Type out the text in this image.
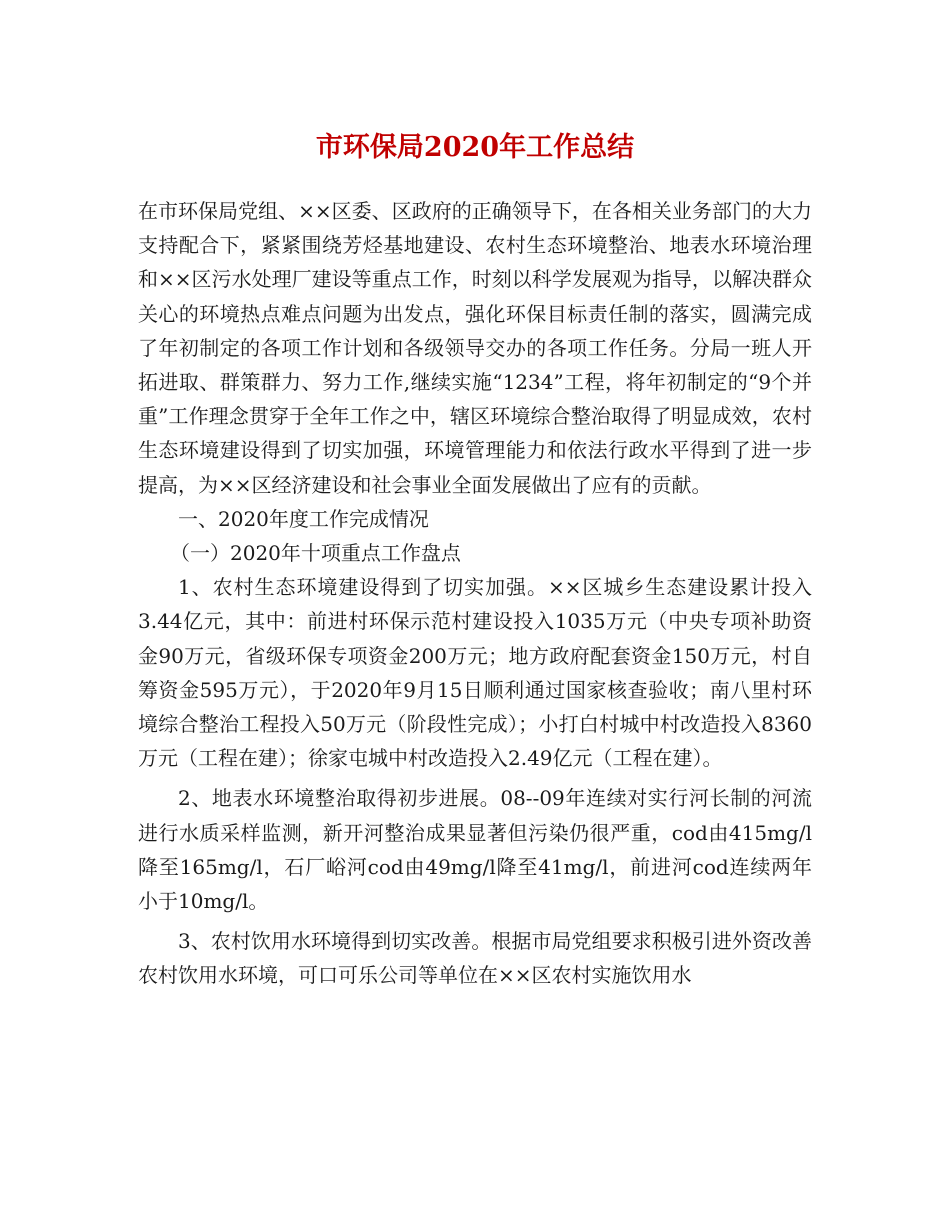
市环保局2020年工作总结

在市环保局党组、××区委、区政府的正确领导下，在各相关业务部门的大力支持配合下，紧紧围绕芳烃基地建设、农村生态环境整治、地表水环境治理和××区污水处理厂建设等重点工作，时刻以科学发展观为指导，以解决群众关心的环境热点难点问题为出发点，强化环保目标责任制的落实，圆满完成了年初制定的各项工作计划和各级领导交办的各项工作任务。分局一班人开拓进取、群策群力、努力工作,继续实施“1234”工程，将年初制定的“9个并重”工作理念贯穿于全年工作之中，辖区环境综合整治取得了明显成效，农村生态环境建设得到了切实加强，环境管理能力和依法行政水平得到了进一步提高，为××区经济建设和社会事业全面发展做出了应有的贡献。

一、2020年度工作完成情况

（一）2020年十项重点工作盘点

1、农村生态环境建设得到了切实加强。××区城乡生态建设累计投入3.44亿元，其中：前进村环保示范村建设投入1035万元（中央专项补助资金90万元，省级环保专项资金200万元；地方政府配套资金150万元，村自筹资金595万元），于2020年9月15日顺利通过国家核查验收；南八里村环境综合整治工程投入50万元（阶段性完成）；小打白村城中村改造投入8360万元（工程在建）；徐家屯城中村改造投入2.49亿元（工程在建）。

2、地表水环境整治取得初步进展。08--09年连续对实行河长制的河流进行水质采样监测，新开河整治成果显著但污染仍很严重，cod由415mg/l降至165mg/l，石厂峪河cod由49mg/l降至41mg/l，前进河cod连续两年小于10mg/l。

3、农村饮用水环境得到切实改善。根据市局党组要求积极引进外资改善农村饮用水环境，可口可乐公司等单位在××区农村实施饮用水
